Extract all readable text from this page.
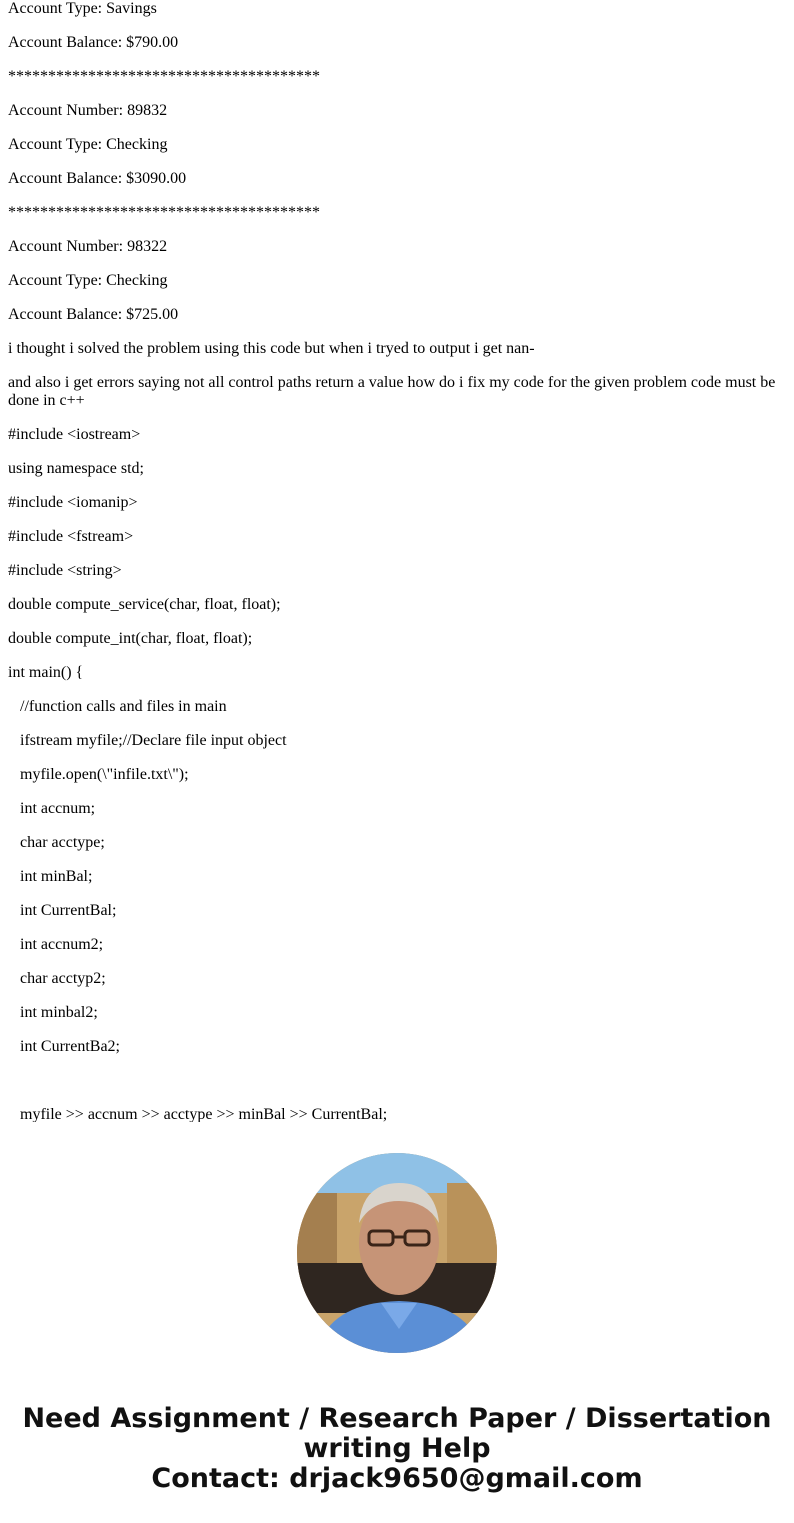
Account Type: Savings

Account Balance: $790.00

***************************************

Account Number: 89832

Account Type: Checking

Account Balance: $3090.00

***************************************

Account Number: 98322

Account Type: Checking

Account Balance: $725.00

i thought i solved the problem using this code but when i tryed to output i get nan-

and also i get errors saying not all control paths return a value how do i fix my code for the given problem code must be done in c++

#include <iostream>

using namespace std;

#include <iomanip>

#include <fstream>

#include <string>

double compute_service(char, float, float);

double compute_int(char, float, float);

int main() {

//function calls and files in main

ifstream myfile;//Declare file input object

myfile.open(\"infile.txt\");

int accnum;

char acctype;

int minBal;

int CurrentBal;

int accnum2;

char acctyp2;

int minbal2;

int CurrentBa2;

myfile >> accnum >> acctype >> minBal >> CurrentBal;

Need Assignment / Research Paper / Dissertation
writing Help
Contact: drjack9650@gmail.com
